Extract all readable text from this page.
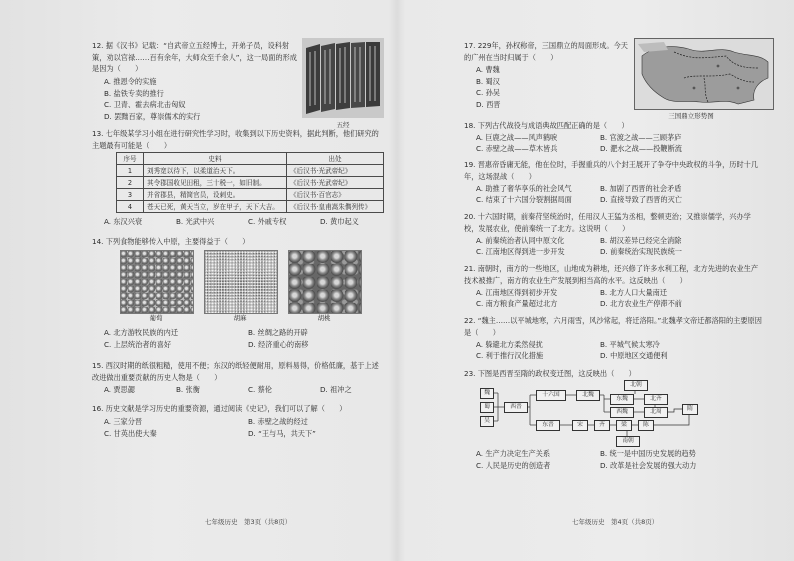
12. 据《汉书》记载：“自武帝立五经博士，开弟子员，设科射策，劝以官禄……百有余年，大师众至千余人”，这一局面的形成是因为（　　）
A. 推恩令的实施
B. 盐铁专卖的推行
C. 卫青、霍去病北击匈奴
D. 罢黜百家，尊崇儒术的实行
五经
13. 七年级某学习小组在进行研究性学习时，收集到以下历史资料，据此判断，他们研究的主题最有可能是（　　）
序号	史料	出处
1	刘秀宽以待下，以柔道治天下。	《后汉书·光武帝纪》
2	其令郡国收见田租，三十税一，如旧制。	《后汉书·光武帝纪》
3	并省郡县，精简官员，设刺史。	《后汉书·百官志》
4	苍天已死，黄天当立，岁在甲子，天下大吉。	《后汉书·皇甫嵩朱儁列传》
A. 东汉兴衰	B. 光武中兴	C. 外戚专权	D. 黄巾起义
14. 下列食物能够传入中原，主要得益于（　　）
葡萄	胡麻	胡桃
A. 北方游牧民族的内迁	B. 丝绸之路的开辟
C. 上层统治者的喜好	D. 经济重心的南移
15. 西汉时期的纸很粗糙，使用不便；东汉的纸轻便耐用，原料易得，价格低廉，基于上述改进做出重要贡献的历史人物是（　　）
A. 贾思勰	B. 张衡	C. 蔡伦	D. 祖冲之
16. 历史文献是学习历史的重要资源，通过阅读《史记》，我们可以了解（　　）
A. 三家分晋	B. 赤壁之战的经过
C. 甘英出使大秦	D. “王与马，共天下”
七年级历史　第3页（共8页）
17. 229年，孙权称帝，三国鼎立的局面形成。今天的广州在当时归属于（　　）
A. 曹魏
B. 蜀汉
C. 孙吴
D. 西晋
三国鼎立形势图
18. 下列古代战役与成语典故匹配正确的是（　　）
A. 巨鹿之战——风声鹤唳	B. 官渡之战——三顾茅庐
C. 赤壁之战——草木皆兵	D. 淝水之战——投鞭断流
19. 晋惠帝昏庸无能，他在位时，手握重兵的八个封王展开了争夺中央政权的斗争，历时十几年，这场混战（　　）
A. 助推了奢华享乐的社会风气	B. 加剧了西晋的社会矛盾
C. 结束了十六国分裂割据局面	D. 直接导致了西晋的灭亡
20. 十六国时期，前秦苻坚统治时，任用汉人王猛为丞相，整顿吏治；又推崇儒学，兴办学校，发展农业，使前秦统一了北方。这说明（　　）
A. 前秦统治者认同中原文化	B. 胡汉差异已经完全消除
C. 江南地区得到进一步开发	D. 前秦统治实现民族统一
21. 南朝时，南方的一些地区，山地成为耕地，还兴修了许多水利工程，北方先进的农业生产技术被推广，南方的农业生产发展到相当高的水平。这反映出（　　）
A. 江南地区得到初步开发	B. 北方人口大量南迁
C. 南方粮食产量超过北方	D. 北方农业生产停滞不前
22. “魏主……以平城地寒，六月雨雪，风沙常起，将迁洛阳。”北魏孝文帝迁都洛阳的主要原因是（　　）
A. 躲避北方柔然侵扰	B. 平城气候太寒冷
C. 利于推行汉化措施	D. 中原地区交通便利
23. 下图是西晋至隋的政权变迁图，这反映出（　　）
魏
蜀
吴
西晋
十六国
东晋
北魏
北朝
东魏
西魏
北齐
北周	隋
宋	齐	梁	陈
南朝
A. 生产力决定生产关系	B. 统一是中国历史发展的趋势
C. 人民是历史的创造者	D. 改革是社会发展的强大动力
七年级历史　第4页（共8页）
